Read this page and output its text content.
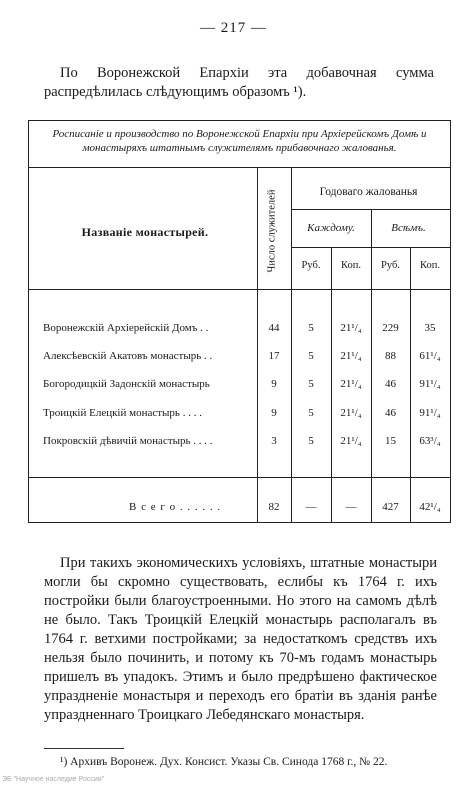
— 217 —
По Воронежской Епархіи эта добавочная сумма распредѣлилась слѣдующимъ образомъ ¹).
Росписаніе и производство по Воронежской Епархіи при Архіерейскомъ Домѣ и монастыряхъ штатнымъ служителямъ прибавочнаго жалованья.
Названіе монастырей.	Число служителей	Годоваго жалованья
Каждому.	Всѣмъ.
Руб.	Коп.	Руб.	Коп.
Воронежскій Архіерейскій Домъ . .	44	5	21¹/₄	229	35
Алексѣевскій Акатовъ монастырь . .	17	5	21¹/₄	88	61¹/₄
Богородицкій Задонскій монастырь	9	5	21¹/₄	46	91¹/₄
Троицкій Елецкій монастырь . . . .	9	5	21¹/₄	46	91¹/₄
Покровскій дѣвичій монастырь . . . .	3	5	21¹/₄	15	63³/₄
В с е г о . . . . . .	82	—	—	427	42¹/₄
При такихъ экономическихъ условіяхъ, штатные монастыри могли бы скромно существовать, еслибы къ 1764 г. ихъ постройки были благоустроенными. Но этого на самомъ дѣлѣ не было. Такъ Троицкій Елецкій монастырь располагалъ въ 1764 г. ветхими постройками; за недостаткомъ средствъ ихъ нельзя было починить, и потому къ 70-мъ годамъ монастырь пришелъ въ упадокъ. Этимъ и было предрѣшено фактическое упраздненіе монастыря и переходъ его братіи въ зданія ранѣе упраздненнаго Троицкаго Лебедянскаго монастыря.
¹) Архивъ Воронеж. Дух. Консист. Указы Св. Синода 1768 г., № 22.
ЭБ "Научное наследие России"
